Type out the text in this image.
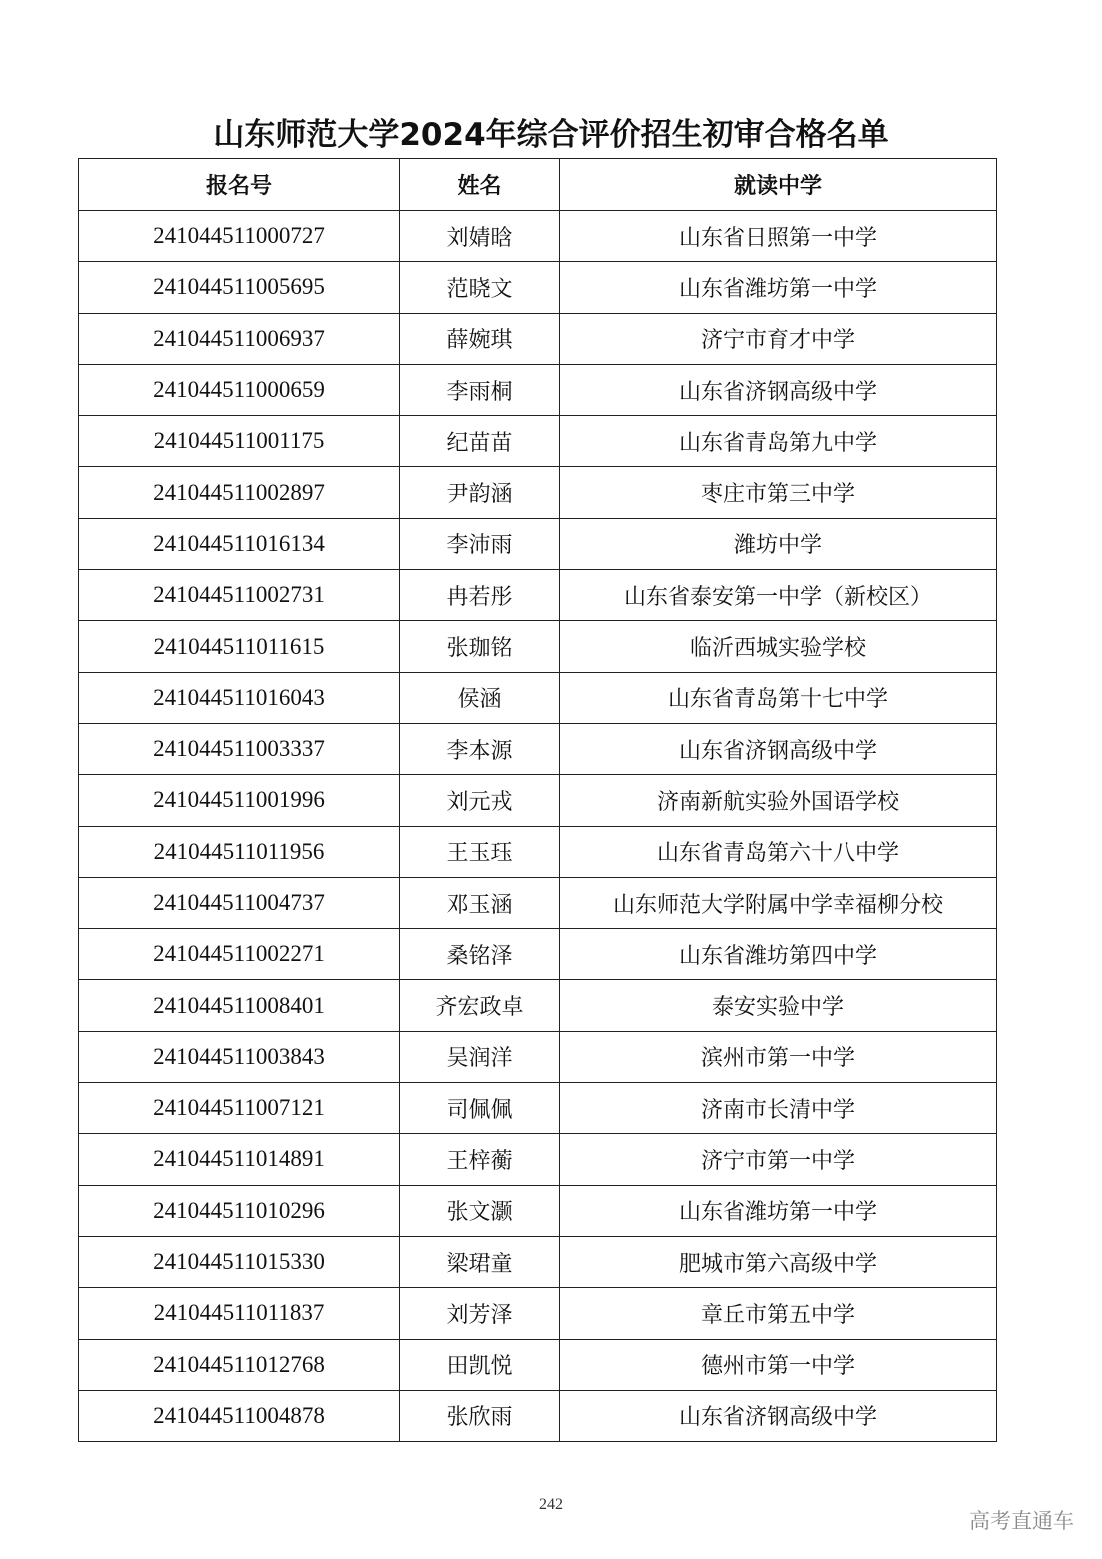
山东师范大学2024年综合评价招生初审合格名单
报名号	姓名	就读中学
241044511000727	刘婧晗	山东省日照第一中学
241044511005695	范晓文	山东省潍坊第一中学
241044511006937	薛婉琪	济宁市育才中学
241044511000659	李雨桐	山东省济钢高级中学
241044511001175	纪苗苗	山东省青岛第九中学
241044511002897	尹韵涵	枣庄市第三中学
241044511016134	李沛雨	潍坊中学
241044511002731	冉若彤	山东省泰安第一中学（新校区）
241044511011615	张珈铭	临沂西城实验学校
241044511016043	侯涵	山东省青岛第十七中学
241044511003337	李本源	山东省济钢高级中学
241044511001996	刘元戎	济南新航实验外国语学校
241044511011956	王玉珏	山东省青岛第六十八中学
241044511004737	邓玉涵	山东师范大学附属中学幸福柳分校
241044511002271	桑铭泽	山东省潍坊第四中学
241044511008401	齐宏政卓	泰安实验中学
241044511003843	吴润洋	滨州市第一中学
241044511007121	司佩佩	济南市长清中学
241044511014891	王梓蘅	济宁市第一中学
241044511010296	张文灏	山东省潍坊第一中学
241044511015330	梁珺童	肥城市第六高级中学
241044511011837	刘芳泽	章丘市第五中学
241044511012768	田凯悦	德州市第一中学
241044511004878	张欣雨	山东省济钢高级中学
242
高考直通车
